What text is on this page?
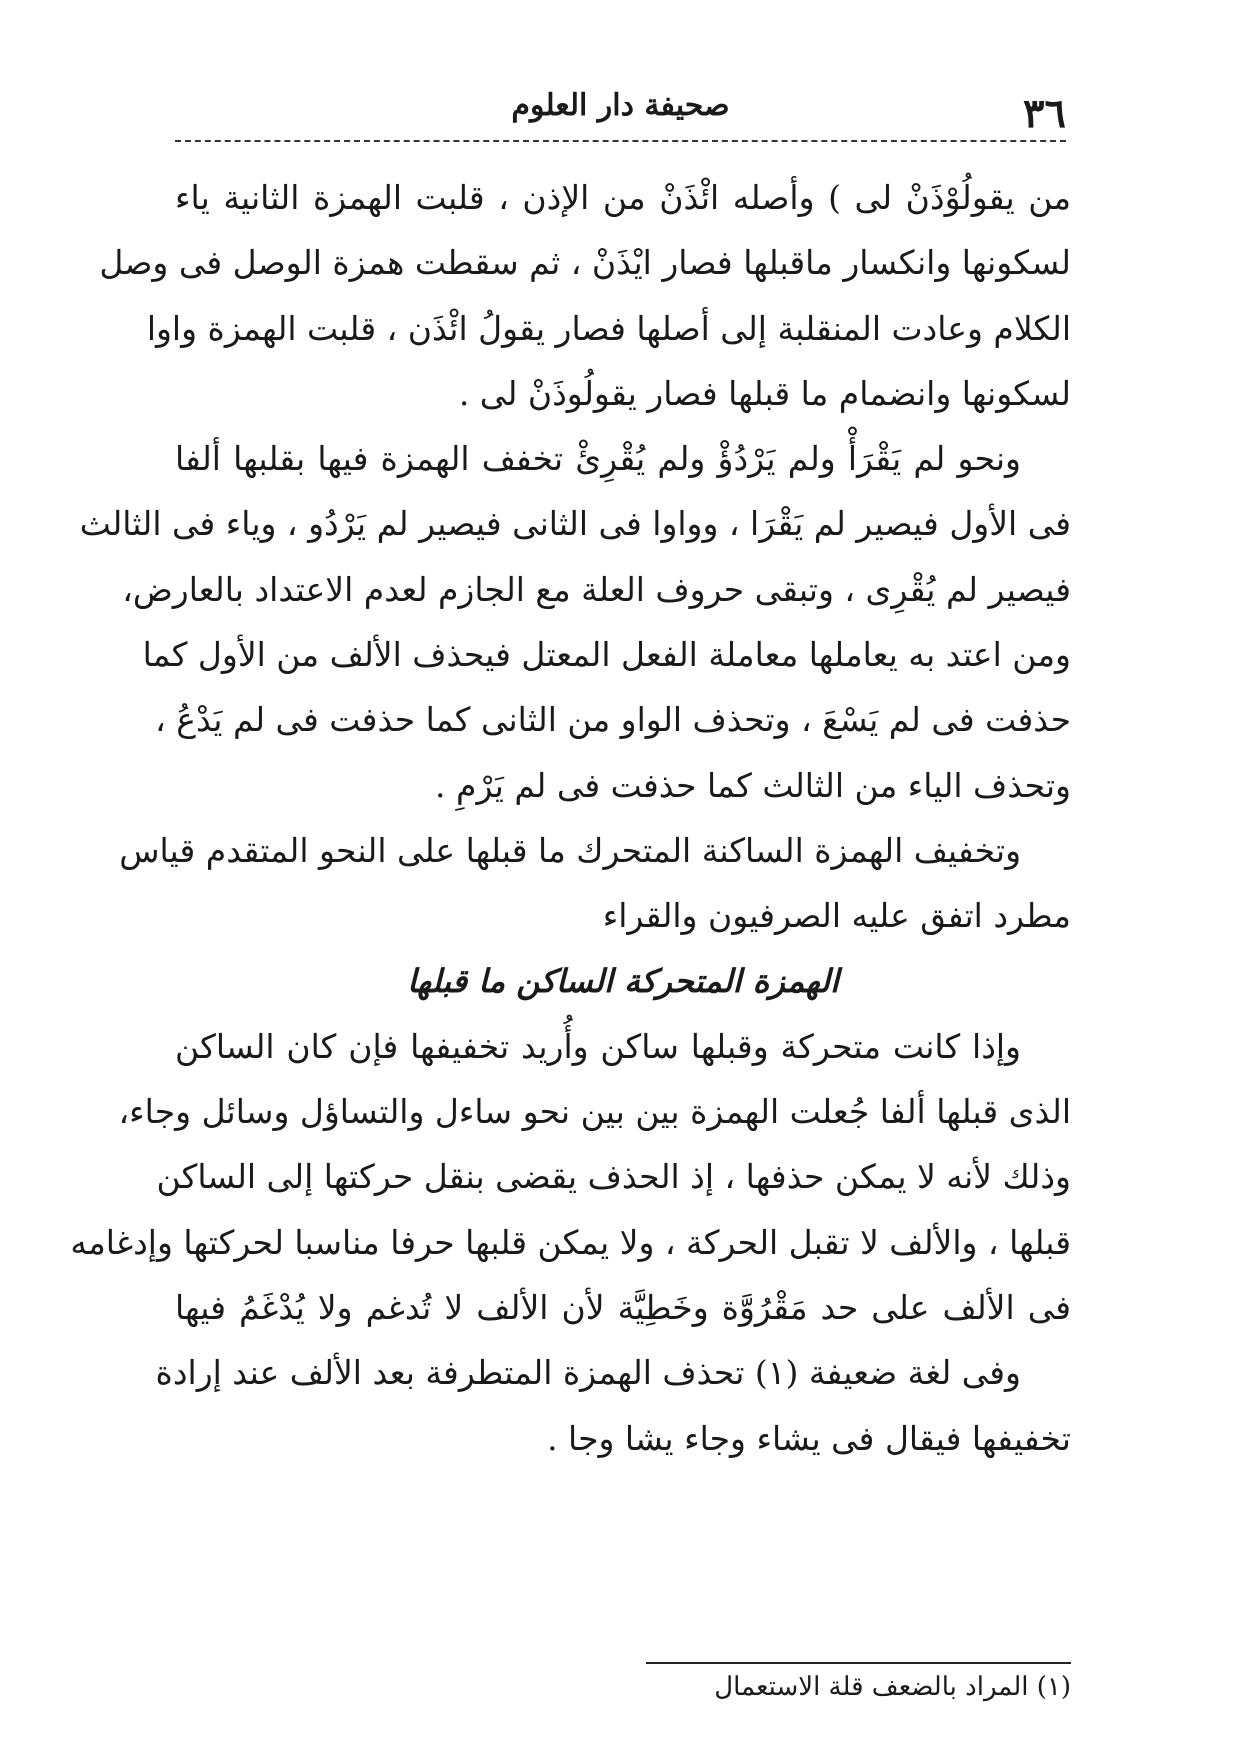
٣٦
صحيفة دار العلوم
من يقولُوْذَنْ لى ) وأصله ائْذَنْ من الإذن ، قلبت الهمزة الثانية ياء
لسكونها وانكسار ماقبلها فصار ايْذَنْ ، ثم سقطت همزة الوصل فى وصل
الكلام وعادت المنقلبة إلى أصلها فصار يقولُ ائْذَن ، قلبت الهمزة واوا
لسكونها وانضمام ما قبلها فصار يقولُوذَنْ لى .
ونحو لم يَقْرَأْ ولم يَرْدُؤْ ولم يُقْرِئْ تخفف الهمزة فيها بقلبها ألفا
فى الأول فيصير لم يَقْرَا ، وواوا فى الثانى فيصير لم يَرْدُو ، وياء فى الثالث
فيصير لم يُقْرِى ، وتبقى حروف العلة مع الجازم لعدم الاعتداد بالعارض،
ومن اعتد به يعاملها معاملة الفعل المعتل فيحذف الألف من الأول كما
حذفت فى لم يَسْعَ ، وتحذف الواو من الثانى كما حذفت فى لم يَدْعُ ،
وتحذف الياء من الثالث كما حذفت فى لم يَرْمِ .
وتخفيف الهمزة الساكنة المتحرك ما قبلها على النحو المتقدم قياس
مطرد اتفق عليه الصرفيون والقراء
الهمزة المتحركة الساكن ما قبلها
وإذا كانت متحركة وقبلها ساكن وأُريد تخفيفها فإن كان الساكن
الذى قبلها ألفا جُعلت الهمزة بين بين نحو ساءل والتساؤل وسائل وجاء،
وذلك لأنه لا يمكن حذفها ، إذ الحذف يقضى بنقل حركتها إلى الساكن
قبلها ، والألف لا تقبل الحركة ، ولا يمكن قلبها حرفا مناسبا لحركتها وإدغامه
فى الألف على حد مَقْرُوَّة وخَطِيَّة لأن الألف لا تُدغم ولا يُدْغَمُ فيها
وفى لغة ضعيفة (١) تحذف الهمزة المتطرفة بعد الألف عند إرادة
تخفيفها فيقال فى يشاء وجاء يشا وجا .
(١) المراد بالضعف قلة الاستعمال
